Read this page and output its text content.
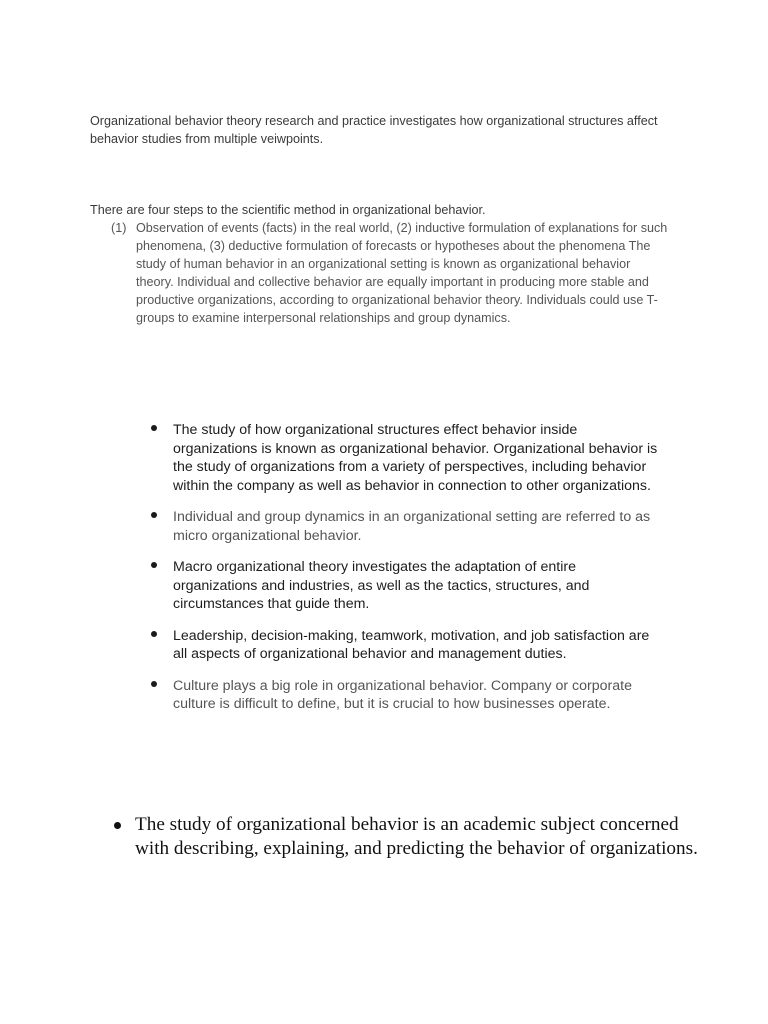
Organizational behavior theory research and practice investigates how organizational structures affect behavior studies from multiple veiwpoints.

There are four steps to the scientific method in organizational behavior.

(1) Observation of events (facts) in the real world, (2) inductive formulation of explanations for such phenomena, (3) deductive formulation of forecasts or hypotheses about the phenomena The study of human behavior in an organizational setting is known as organizational behavior theory. Individual and collective behavior are equally important in producing more stable and productive organizations, according to organizational behavior theory. Individuals could use T-groups to examine interpersonal relationships and group dynamics.
The study of how organizational structures effect behavior inside organizations is known as organizational behavior. Organizational behavior is the study of organizations from a variety of perspectives, including behavior within the company as well as behavior in connection to other organizations.
Individual and group dynamics in an organizational setting are referred to as micro organizational behavior.
Macro organizational theory investigates the adaptation of entire organizations and industries, as well as the tactics, structures, and circumstances that guide them.
Leadership, decision-making, teamwork, motivation, and job satisfaction are all aspects of organizational behavior and management duties.
Culture plays a big role in organizational behavior. Company or corporate culture is difficult to define, but it is crucial to how businesses operate.

The study of organizational behavior is an academic subject concerned with describing, explaining, and predicting the behavior of organizations.
